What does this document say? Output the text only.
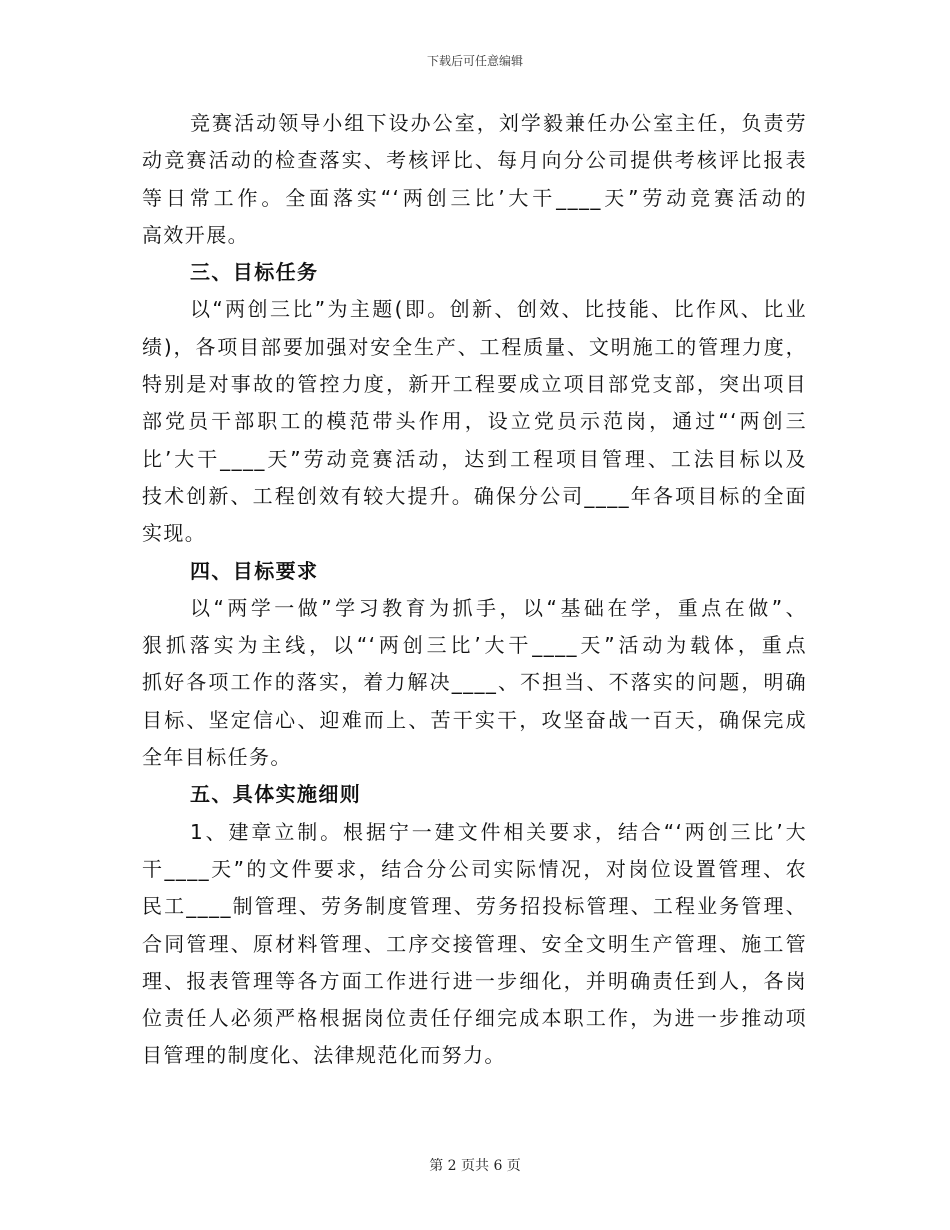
下载后可任意编辑
竞赛活动领导小组下设办公室，刘学毅兼任办公室主任，负责劳
动竞赛活动的检查落实、考核评比、每月向分公司提供考核评比报表
等日常工作。全面落实“‘两创三比’大干____天”劳动竞赛活动的
高效开展。
三、目标任务
以“两创三比”为主题(即。创新、创效、比技能、比作风、比业
绩)，各项目部要加强对安全生产、工程质量、文明施工的管理力度，
特别是对事故的管控力度，新开工程要成立项目部党支部，突出项目
部党员干部职工的模范带头作用，设立党员示范岗，通过“‘两创三
比’大干____天”劳动竞赛活动，达到工程项目管理、工法目标以及
技术创新、工程创效有较大提升。确保分公司____年各项目标的全面
实现。
四、目标要求
以“两学一做”学习教育为抓手，以“基础在学，重点在做”、
狠抓落实为主线，以“‘两创三比’大干____天”活动为载体，重点
抓好各项工作的落实，着力解决____、不担当、不落实的问题，明确
目标、坚定信心、迎难而上、苦干实干，攻坚奋战一百天，确保完成
全年目标任务。
五、具体实施细则
1、建章立制。根据宁一建文件相关要求，结合“‘两创三比’大
干____天”的文件要求，结合分公司实际情况，对岗位设置管理、农
民工____制管理、劳务制度管理、劳务招投标管理、工程业务管理、
合同管理、原材料管理、工序交接管理、安全文明生产管理、施工管
理、报表管理等各方面工作进行进一步细化，并明确责任到人，各岗
位责任人必须严格根据岗位责任仔细完成本职工作，为进一步推动项
目管理的制度化、法律规范化而努力。
第 2 页共 6 页
